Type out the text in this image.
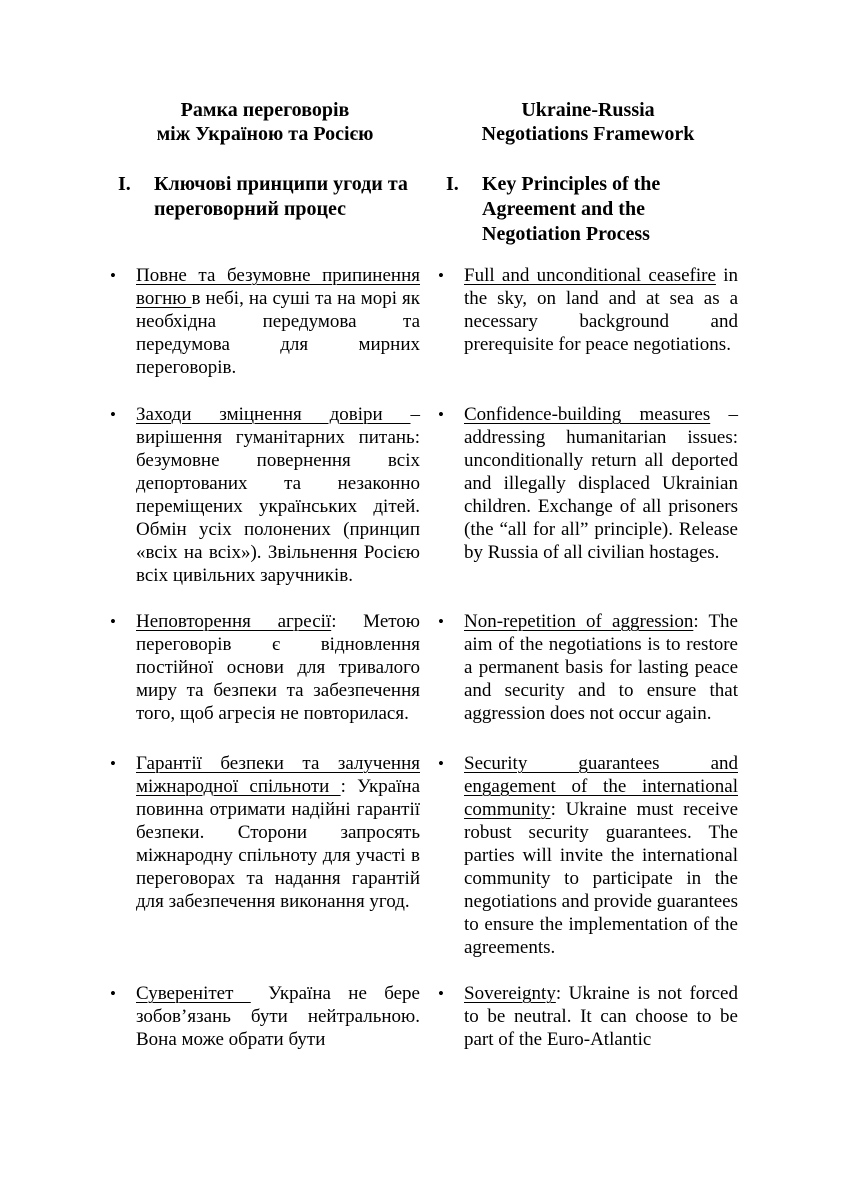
Рамка переговорів
між Україною та Росією
Ukraine-Russia
Negotiations Framework
I.	Ключові принципи угоди та переговорний процес
I.	Key Principles of the Agreement and the Negotiation Process
•	Повне та безумовне припинення вогню в небі, на суші та на морі як необхідна передумова та передумова для мирних переговорів.

•	Full and unconditional ceasefire in the sky, on land and at sea as a necessary background and prerequisite for peace negotiations.

•	Заходи зміцнення довіри – вирішення гуманітарних питань: безумовне повернення всіх депортованих та незаконно переміщених українських дітей. Обмін усіх полонених (принцип «всіх на всіх»). Звільнення Росією всіх цивільних заручників.

•	Confidence-building measures – addressing humanitarian issues: unconditionally return all deported and illegally displaced Ukrainian children. Exchange of all prisoners (the “all for all” principle). Release by Russia of all civilian hostages.

•	Неповторення агресії: Метою переговорів є відновлення постійної основи для тривалого миру та безпеки та забезпечення того, щоб агресія не повторилася.

•	Non-repetition of aggression: The aim of the negotiations is to restore a permanent basis for lasting peace and security and to ensure that aggression does not occur again.

•	Гарантії безпеки та залучення міжнародної спільноти : Україна повинна отримати надійні гарантії безпеки. Сторони запросять міжнародну спільноту для участі в переговорах та надання гарантій для забезпечення виконання угод.

•	Security guarantees and engagement of the international community: Ukraine must receive robust security guarantees. The parties will invite the international community to participate in the negotiations and provide guarantees to ensure the implementation of the agreements.

•	Суверенітет  Україна не бере зобов’язань бути нейтральною. Вона може обрати бути

•	Sovereignty: Ukraine is not forced to be neutral. It can choose to be part of the Euro-Atlantic
